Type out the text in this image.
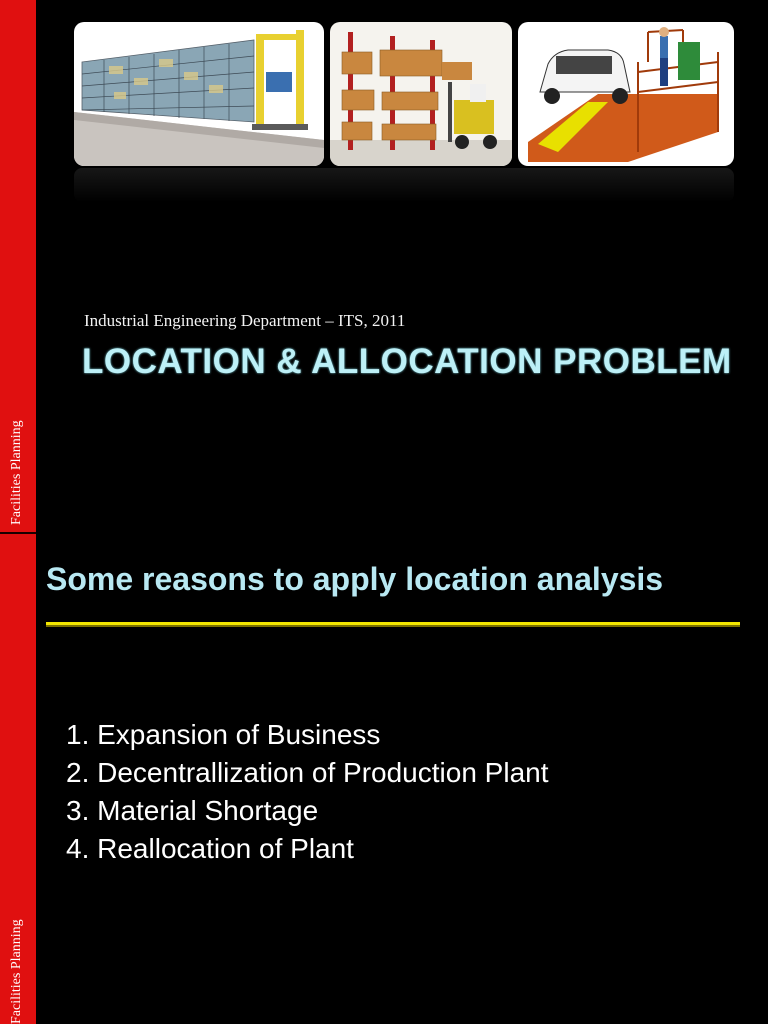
Facilities Planning
Facilities Planning
Industrial Engineering Department – ITS, 2011
LOCATION & ALLOCATION PROBLEM
Some reasons to apply location analysis
1. Expansion of Business
2. Decentrallization of Production Plant
3. Material Shortage
4. Reallocation of Plant
